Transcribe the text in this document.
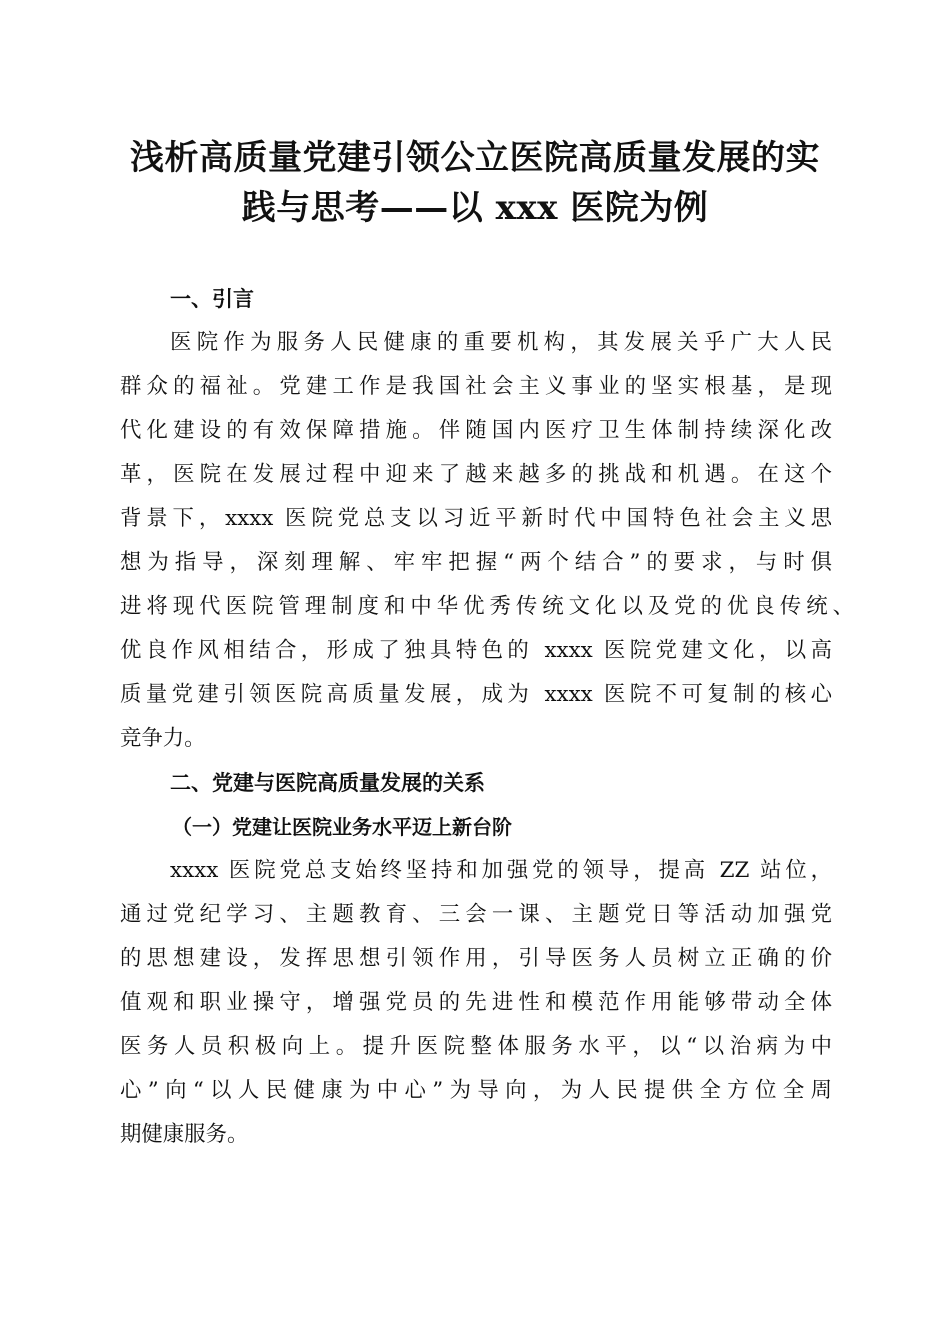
浅析高质量党建引领公立医院高质量发展的实
践与思考——以 xxx 医院为例
一、引言
医院作为服务人民健康的重要机构，其发展关乎广大人民
群众的福祉。党建工作是我国社会主义事业的坚实根基，是现
代化建设的有效保障措施。伴随国内医疗卫生体制持续深化改
革，医院在发展过程中迎来了越来越多的挑战和机遇。在这个
背景下，xxxx 医院党总支以习近平新时代中国特色社会主义思
想为指导，深刻理解、牢牢把握“两个结合”的要求，与时俱
进将现代医院管理制度和中华优秀传统文化以及党的优良传统、
优良作风相结合，形成了独具特色的 xxxx 医院党建文化，以高
质量党建引领医院高质量发展，成为 xxxx 医院不可复制的核心
竞争力。
二、党建与医院高质量发展的关系
（一）党建让医院业务水平迈上新台阶
xxxx 医院党总支始终坚持和加强党的领导，提高 ZZ 站位，
通过党纪学习、主题教育、三会一课、主题党日等活动加强党
的思想建设，发挥思想引领作用，引导医务人员树立正确的价
值观和职业操守，增强党员的先进性和模范作用能够带动全体
医务人员积极向上。提升医院整体服务水平，以“以治病为中
心”向“以人民健康为中心”为导向，为人民提供全方位全周
期健康服务。
